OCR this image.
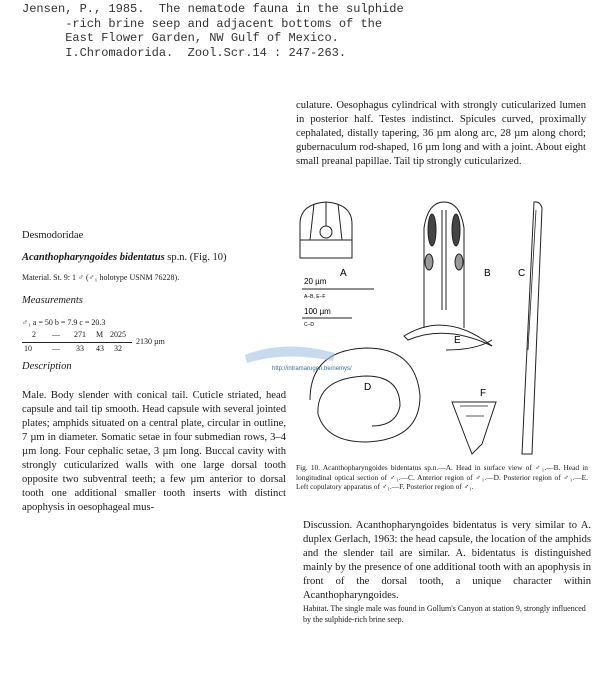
Jensen, P., 1985.  The nematode fauna in the sulphide
-rich brine seep and adjacent bottoms of the
East Flower Garden, NW Gulf of Mexico.
I.Chromadorida.  Zool.Scr.14 : 247-263.
culature. Oesophagus cylindrical with strongly cuticularized lumen in posterior half. Testes indistinct. Spicules curved, proximally cephalated, distally tapering, 36 µm along arc, 28 µm along chord; gubernaculum rod-shaped, 16 µm long and with a joint. About eight small preanal papillae. Tail tip strongly cuticularized.
Desmodoridae
Acanthopharyngoides bidentatus sp.n. (Fig. 10)
Material. St. 9: 1 ♂ (♂₁ holotype USNM 76228).
Measurements
♂₁ a = 50 b = 7.9 c = 20.3
2 — 271 M 2025
10	— 33 43 32
2130 µm
Description
Male. Body slender with conical tail. Cuticle striated, head capsule and tail tip smooth. Head capsule with several jointed plates; amphids situated on a central plate, circular in outline, 7 µm in diameter. Somatic setae in four submedian rows, 3–4 µm long. Four cephalic setae, 3 µm long. Buccal cavity with strongly cuticularized walls with one large dorsal tooth opposite two subventral teeth; a few µm anterior to dorsal tooth one additional smaller tooth inserts with distinct apophysis in oesophageal mus-
A
20 µm
A–B, E–F
100 µm
C–D
B	C
E
D
F
http://intramarugen.be/nemys/
Fig. 10. Acanthopharyngoides bidentatus sp.n.—A. Head in surface view of ♂₁.—B. Head in longitudinal optical section of ♂₁.—C. Anterior region of ♂₁.—D. Posterior region of ♂₁.—E. Left copulatory apparatus of ♂₁.—F. Posterior region of ♂₁.
Discussion. Acanthopharyngoides bidentatus is very similar to A. duplex Gerlach, 1963: the head capsule, the location of the amphids and the slender tail are similar. A. bidentatus is distinguished mainly by the presence of one additional tooth with an apophysis in front of the dorsal tooth, a unique character within Acanthopharyngoides.
Habitat. The single male was found in Gollum's Canyon at station 9, strongly influenced by the sulphide-rich brine seep.
